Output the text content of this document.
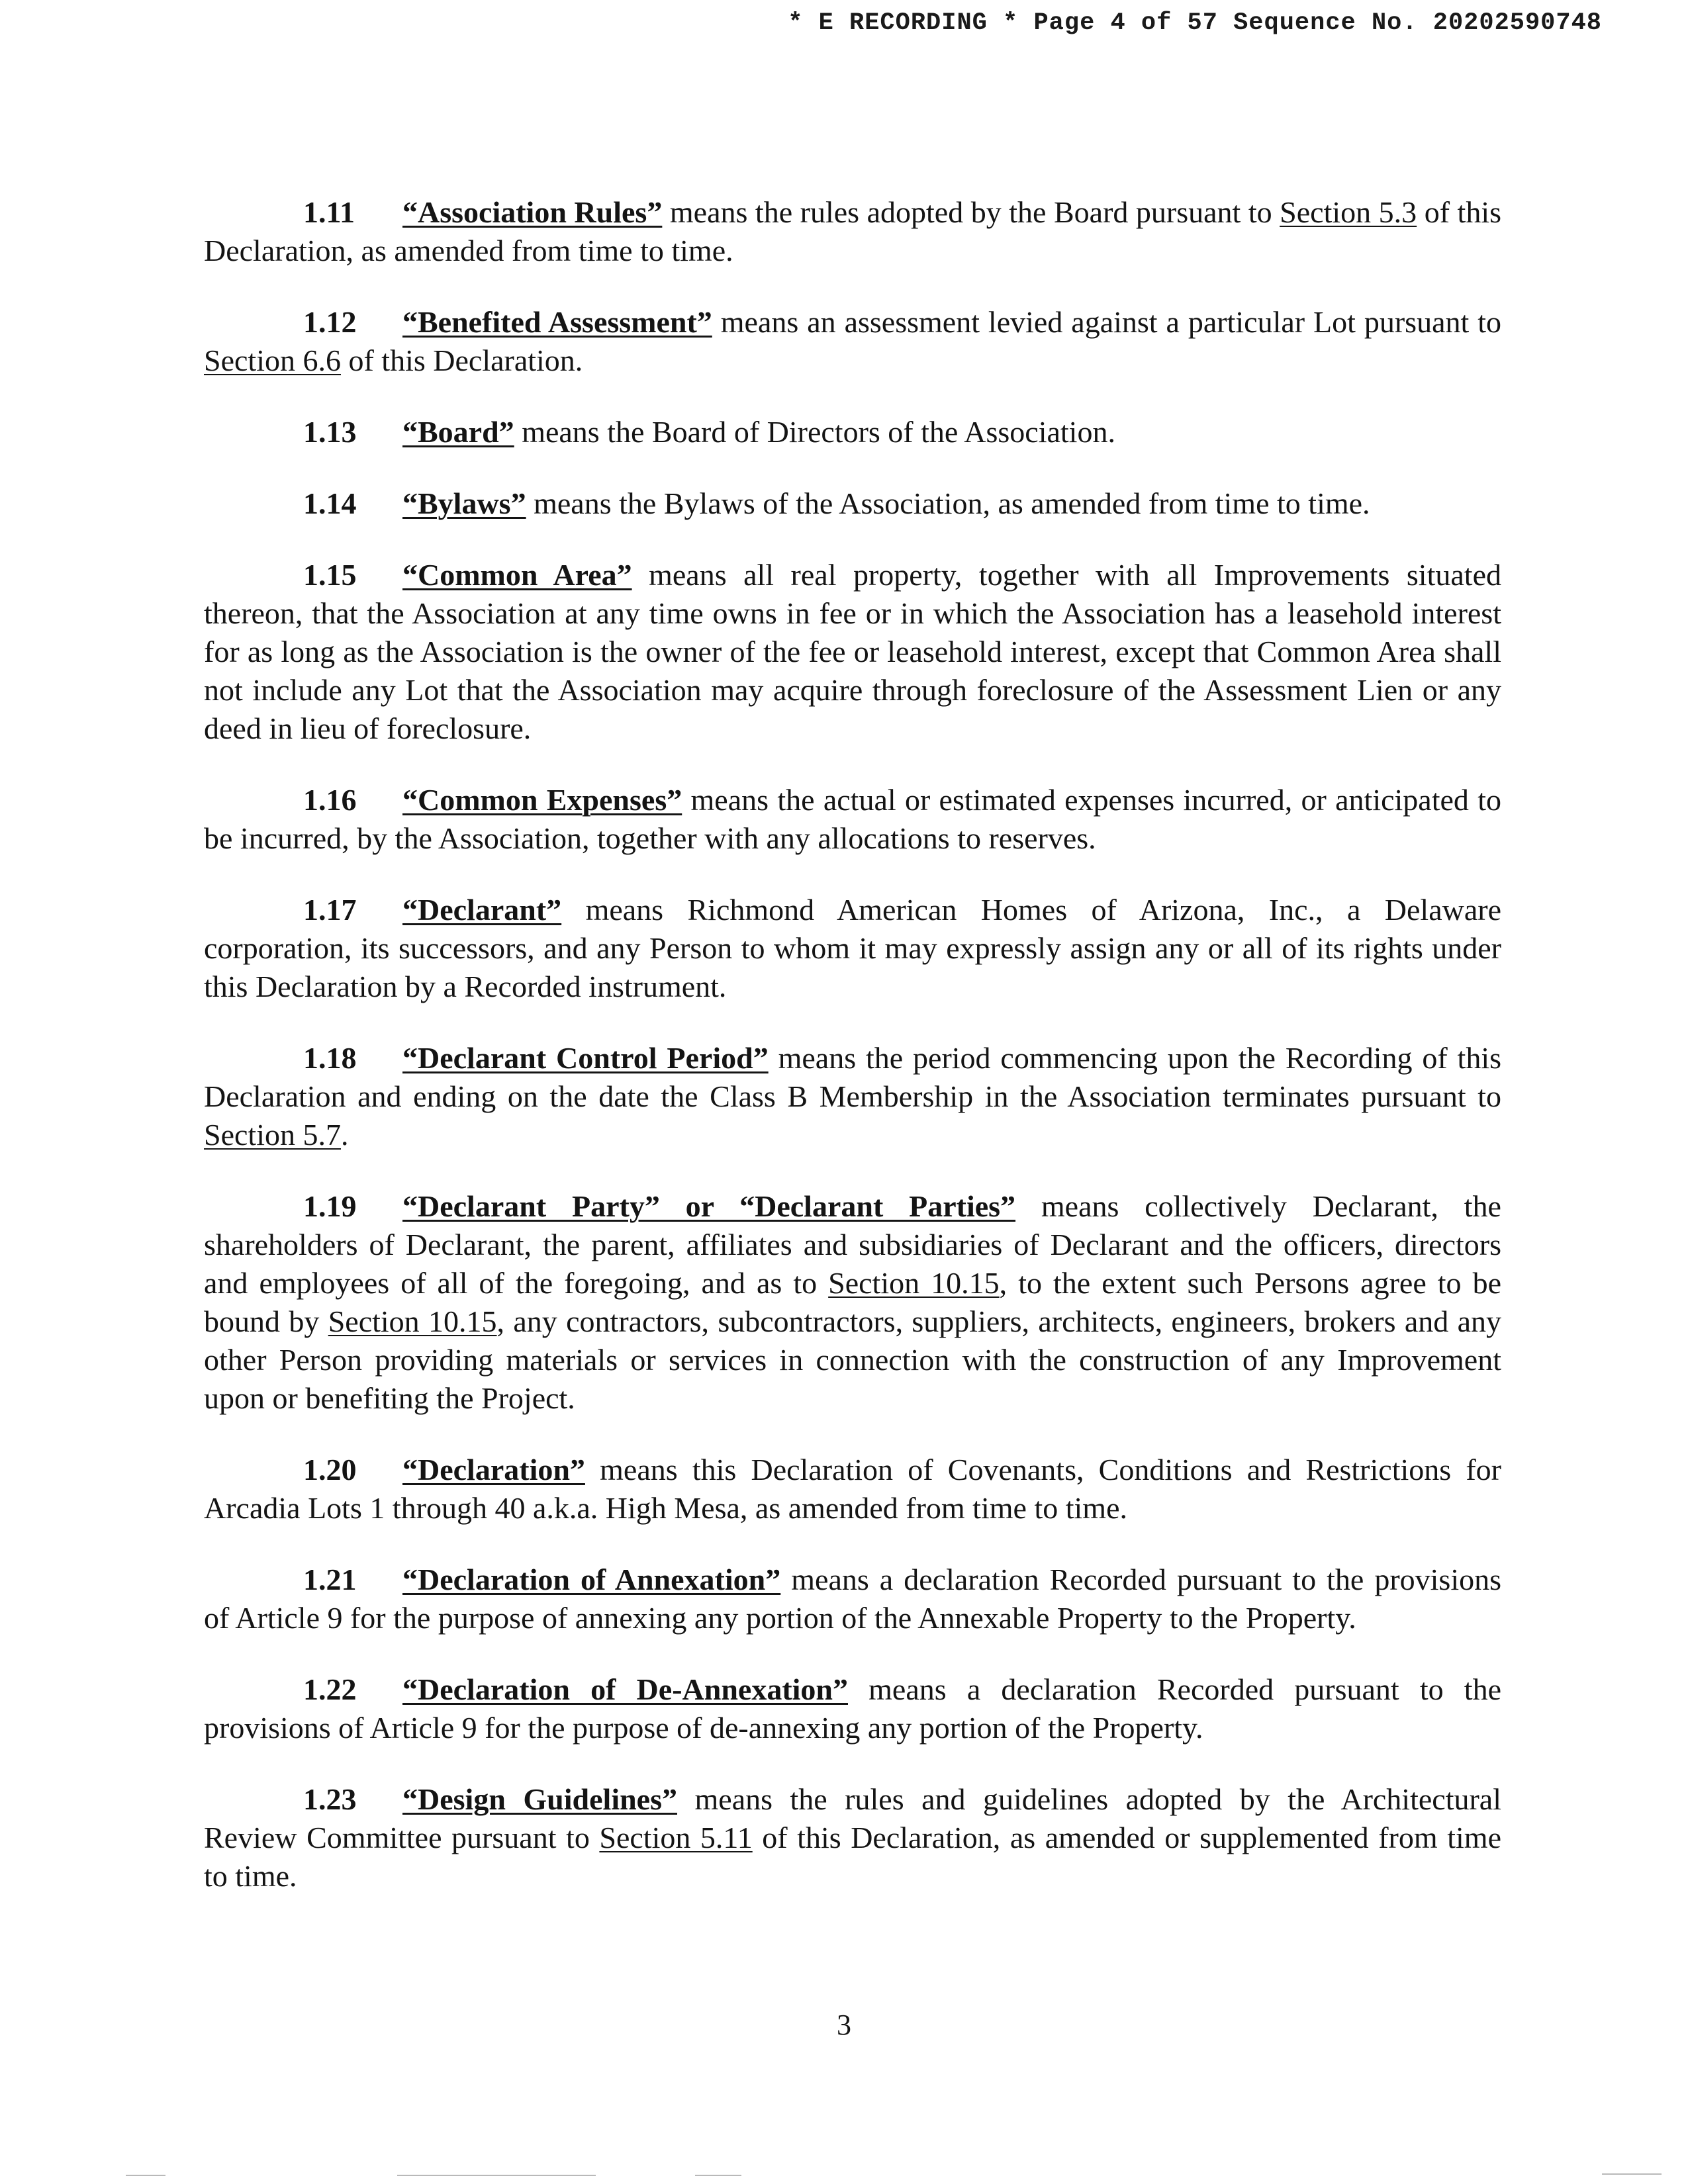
* E RECORDING * Page 4 of 57 Sequence No. 20202590748

1.11 “Association Rules” means the rules adopted by the Board pursuant to Section 5.3 of this Declaration, as amended from time to time.

1.12 “Benefited Assessment” means an assessment levied against a particular Lot pursuant to Section 6.6 of this Declaration.

1.13 “Board” means the Board of Directors of the Association.

1.14 “Bylaws” means the Bylaws of the Association, as amended from time to time.

1.15 “Common Area” means all real property, together with all Improvements situated thereon, that the Association at any time owns in fee or in which the Association has a leasehold interest for as long as the Association is the owner of the fee or leasehold interest, except that Common Area shall not include any Lot that the Association may acquire through foreclosure of the Assessment Lien or any deed in lieu of foreclosure.

1.16 “Common Expenses” means the actual or estimated expenses incurred, or anticipated to be incurred, by the Association, together with any allocations to reserves.

1.17 “Declarant” means Richmond American Homes of Arizona, Inc., a Delaware corporation, its successors, and any Person to whom it may expressly assign any or all of its rights under this Declaration by a Recorded instrument.

1.18 “Declarant Control Period” means the period commencing upon the Recording of this Declaration and ending on the date the Class B Membership in the Association terminates pursuant to Section 5.7.

1.19 “Declarant Party” or “Declarant Parties” means collectively Declarant, the shareholders of Declarant, the parent, affiliates and subsidiaries of Declarant and the officers, directors and employees of all of the foregoing, and as to Section 10.15, to the extent such Persons agree to be bound by Section 10.15, any contractors, subcontractors, suppliers, architects, engineers, brokers and any other Person providing materials or services in connection with the construction of any Improvement upon or benefiting the Project.

1.20 “Declaration” means this Declaration of Covenants, Conditions and Restrictions for Arcadia Lots 1 through 40 a.k.a. High Mesa, as amended from time to time.

1.21 “Declaration of Annexation” means a declaration Recorded pursuant to the provisions of Article 9 for the purpose of annexing any portion of the Annexable Property to the Property.

1.22 “Declaration of De-Annexation” means a declaration Recorded pursuant to the provisions of Article 9 for the purpose of de-annexing any portion of the Property.

1.23 “Design Guidelines” means the rules and guidelines adopted by the Architectural Review Committee pursuant to Section 5.11 of this Declaration, as amended or supplemented from time to time.

3
